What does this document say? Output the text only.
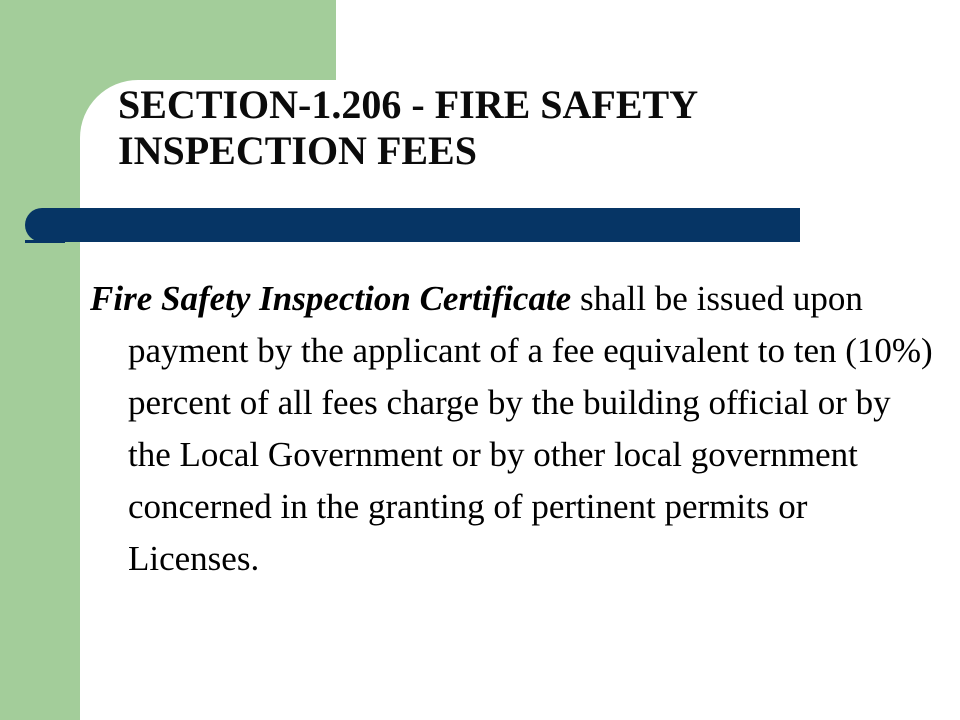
SECTION-1.206 - FIRE SAFETY
INSPECTION FEES

Fire Safety Inspection Certificate shall be issued upon payment by the applicant of a fee equivalent to ten (10%) percent of all fees charge by the building official or by the Local Government or by other local government concerned in the granting of pertinent permits or Licenses.
